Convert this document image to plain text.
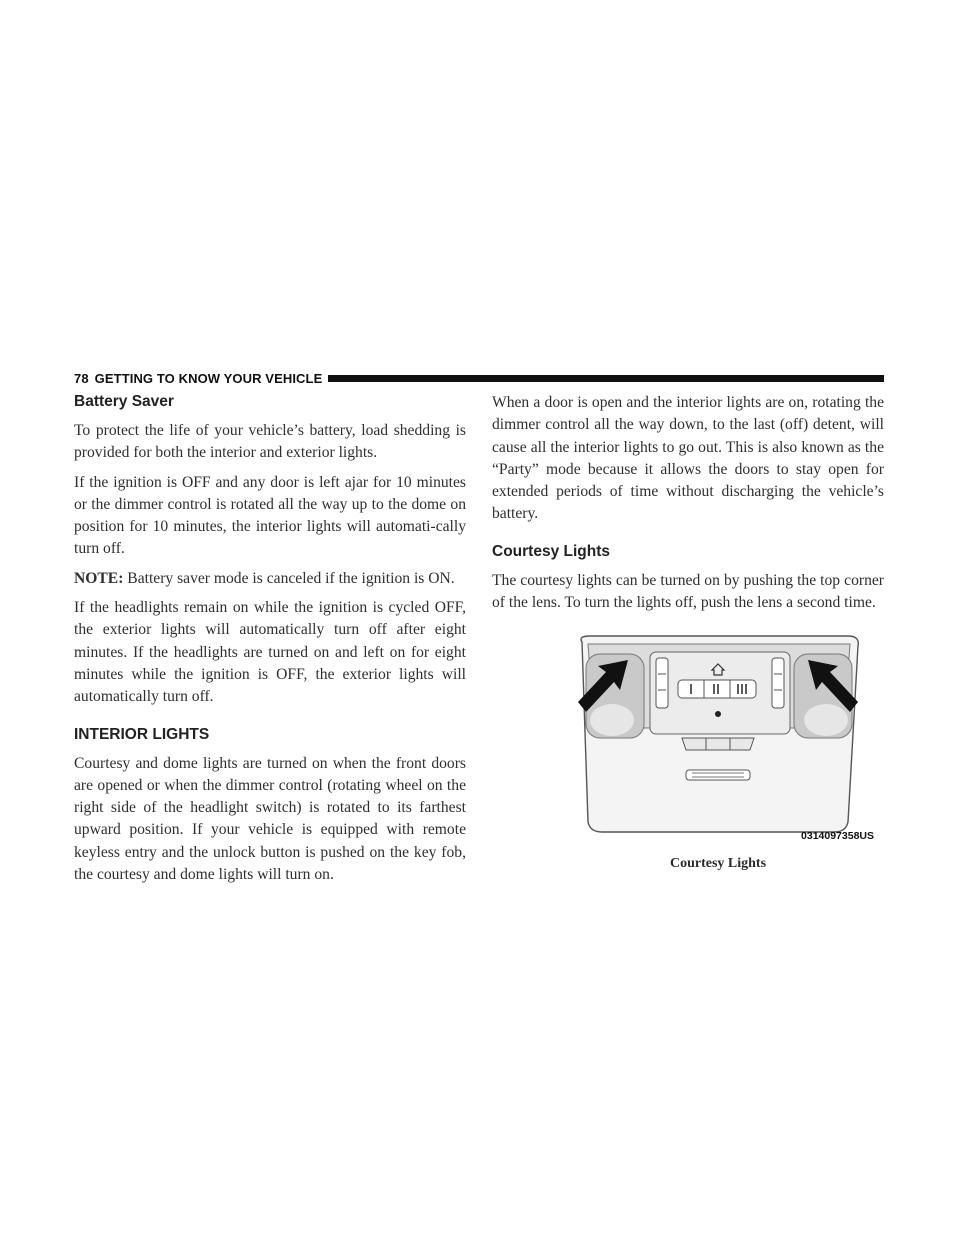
78 GETTING TO KNOW YOUR VEHICLE
Battery Saver

To protect the life of your vehicle’s battery, load shedding is provided for both the interior and exterior lights.

If the ignition is OFF and any door is left ajar for 10 minutes or the dimmer control is rotated all the way up to the dome on position for 10 minutes, the interior lights will automati-cally turn off.

NOTE: Battery saver mode is canceled if the ignition is ON.

If the headlights remain on while the ignition is cycled OFF, the exterior lights will automatically turn off after eight minutes. If the headlights are turned on and left on for eight minutes while the ignition is OFF, the exterior lights will automatically turn off.

INTERIOR LIGHTS

Courtesy and dome lights are turned on when the front doors are opened or when the dimmer control (rotating wheel on the right side of the headlight switch) is rotated to its farthest upward position. If your vehicle is equipped with remote keyless entry and the unlock button is pushed on the key fob, the courtesy and dome lights will turn on.

When a door is open and the interior lights are on, rotating the dimmer control all the way down, to the last (off) detent, will cause all the interior lights to go out. This is also known as the “Party” mode because it allows the doors to stay open for extended periods of time without discharging the vehicle’s battery.

Courtesy Lights

The courtesy lights can be turned on by pushing the top corner of the lens. To turn the lights off, push the lens a second time.

0314097358US
Courtesy Lights
